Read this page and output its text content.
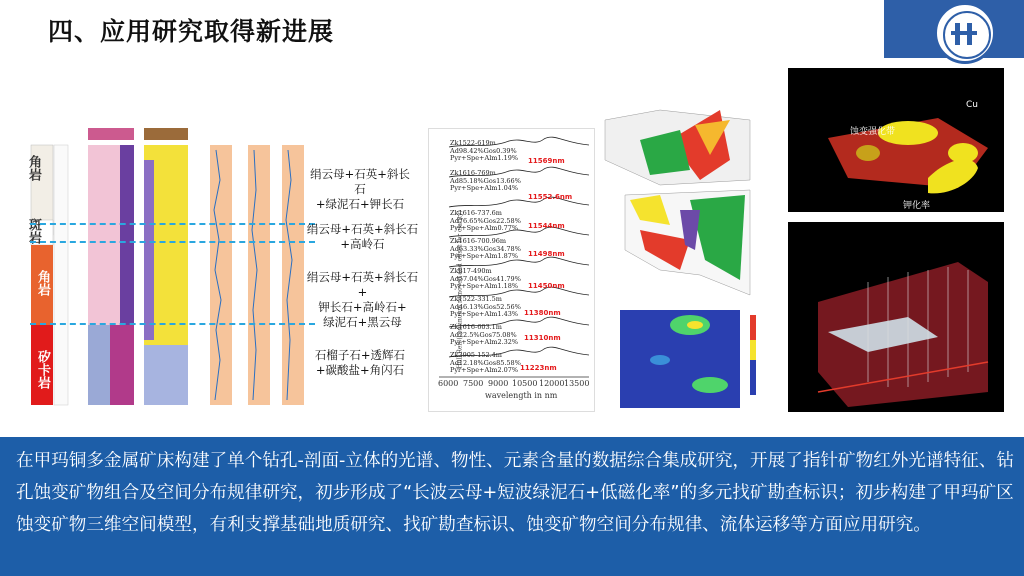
四、应用研究取得新进展
角岩
斑岩
角岩
矽卡岩
绢云母+石英+斜长石
+绿泥石+钾长石
绢云母+石英+斜长石
+高岭石
绢云母+石英+斜长石+
钾长石+高岭石+
绿泥石+黑云母
石榴子石+透辉石
+碳酸盐+角闪石
Zk1522-619m
Ad98.42%Gos0.39%
Pyr+Spe+Alm1.19% 11569nm
Zk1616-769m
Ad85.18%Gos13.66%
Pyr+Spe+Alm1.04%
11552.6nm
Zk1616-737.6m
Ad76.65%Gos22.58%
Pyr+Spe+Alm0.77%	11544nm
Zk1616-700.96m
Ad63.33%Gos34.78%
Pyr+Spe+Alm1.87%	11498nm
Zk817-490m
Ad57.04%Gos41.79%
Pyr+Spe+Alm1.18%	11450nm
Zk1522-331.5m
Ad46.13%Gos52.56%
Pyr+Spe+Alm1.43% 11380nm
Zk1616-603.1m
Ad22.5%Gos75.08%
Pyr+Spe+Alm2.32% 11310nm
Zk3905-152.4m
Ad12.18%Gos85.58%
Pyr+Spe+Alm2.07% 11223nm
6000 7500 9000 10500 12000 13500
wavelength in nm
Hull Refl (continuum removed and offset for clarity)
Cu
蚀变强化带
钾化率
在甲玛铜多金属矿床构建了单个钻孔-剖面-立体的光谱、物性、元素含量的数据综合集成研究，开展了指针矿物红外光谱特征、钻孔蚀变矿物组合及空间分布规律研究，初步形成了“长波云母+短波绿泥石+低磁化率”的多元找矿勘查标识；初步构建了甲玛矿区蚀变矿物三维空间模型，有利支撑基础地质研究、找矿勘查标识、蚀变矿物空间分布规律、流体运移等方面应用研究。
